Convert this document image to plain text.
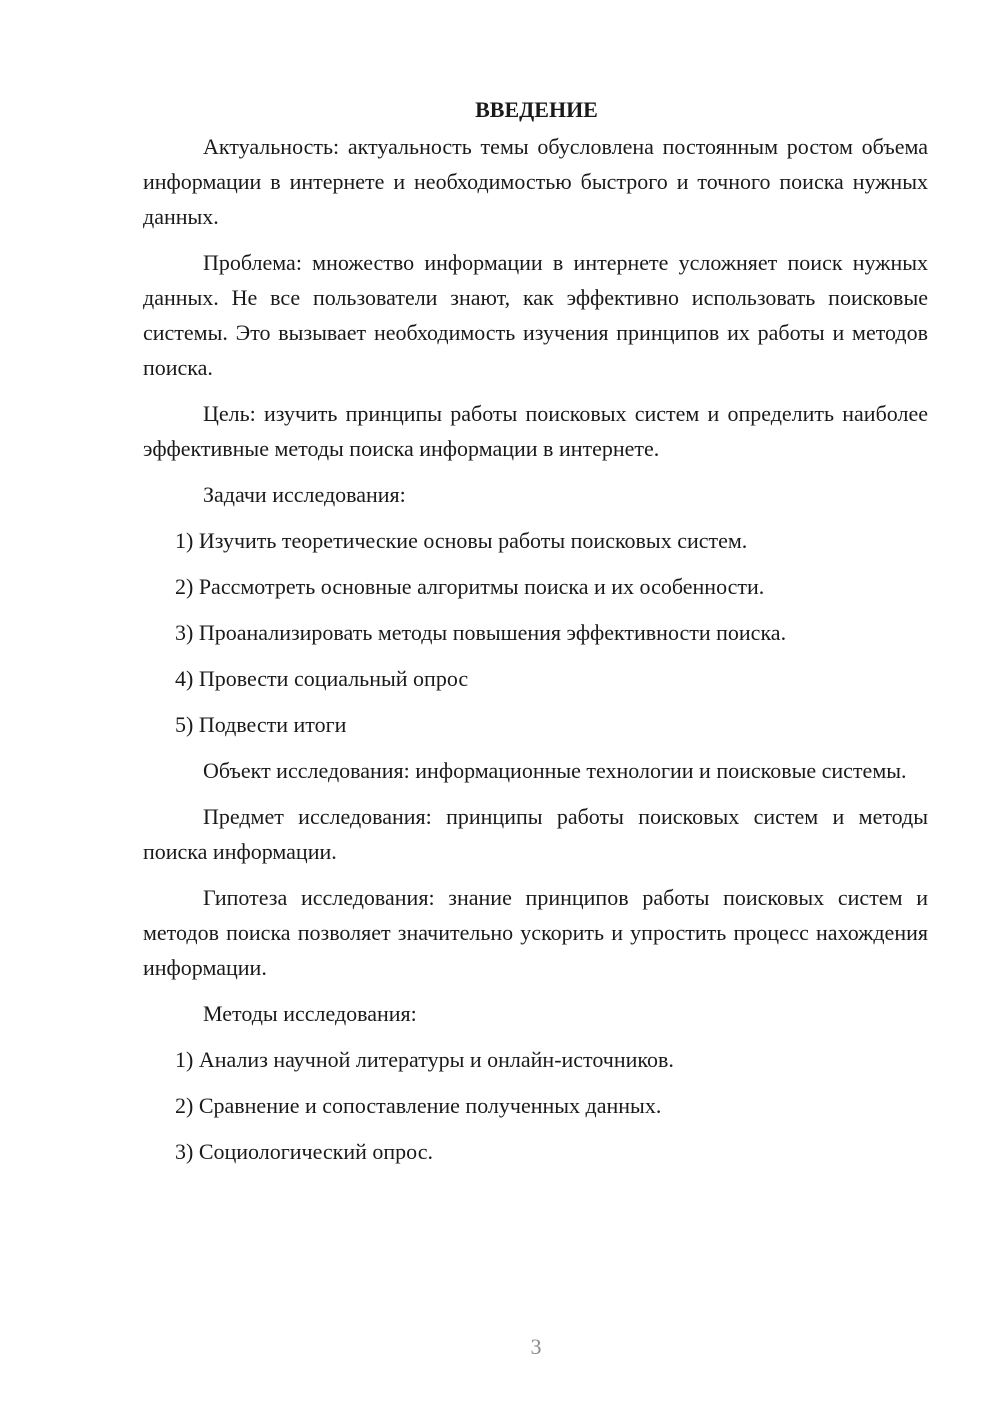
ВВЕДЕНИЕ

Актуальность: актуальность темы обусловлена постоянным ростом объема информации в интернете и необходимостью быстрого и точного поиска нужных данных.

Проблема: множество информации в интернете усложняет поиск нужных данных. Не все пользователи знают, как эффективно использовать поисковые системы. Это вызывает необходимость изучения принципов их работы и методов поиска.

Цель: изучить принципы работы поисковых систем и определить наиболее эффективные методы поиска информации в интернете.

Задачи исследования:
1) Изучить теоретические основы работы поисковых систем.
2) Рассмотреть основные алгоритмы поиска и их особенности.
3) Проанализировать методы повышения эффективности поиска.
4) Провести социальный опрос
5) Подвести итоги

Объект исследования: информационные технологии и поисковые системы.

Предмет исследования: принципы работы поисковых систем и методы поиска информации.

Гипотеза исследования: знание принципов работы поисковых систем и методов поиска позволяет значительно ускорить и упростить процесс нахождения информации.

Методы исследования:
1) Анализ научной литературы и онлайн-источников.
2) Сравнение и сопоставление полученных данных.
3) Социологический опрос.
3
